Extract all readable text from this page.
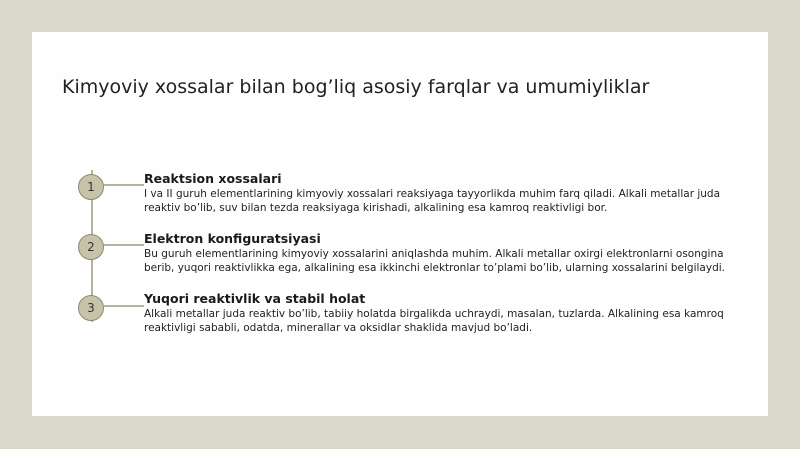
Kimyoviy xossalar bilan bog’liq asosiy farqlar va umumiyliklar
1

Reaktsion xossalari

I va II guruh elementlarining kimyoviy xossalari reaksiyaga tayyorlikda muhim farq qiladi. Alkali metallar juda reaktiv bo’lib, suv bilan tezda reaksiyaga kirishadi, alkalining esa kamroq reaktivligi bor.

2

Elektron konfiguratsiyasi

Bu guruh elementlarining kimyoviy xossalarini aniqlashda muhim. Alkali metallar oxirgi elektronlarni osongina berib, yuqori reaktivlikka ega, alkalining esa ikkinchi elektronlar to’plami bo’lib, ularning xossalarini belgilaydi.

3

Yuqori reaktivlik va stabil holat

Alkali metallar juda reaktiv bo’lib, tabiiy holatda birgalikda uchraydi, masalan, tuzlarda. Alkalining esa kamroq reaktivligi sababli, odatda, minerallar va oksidlar shaklida mavjud bo’ladi.
